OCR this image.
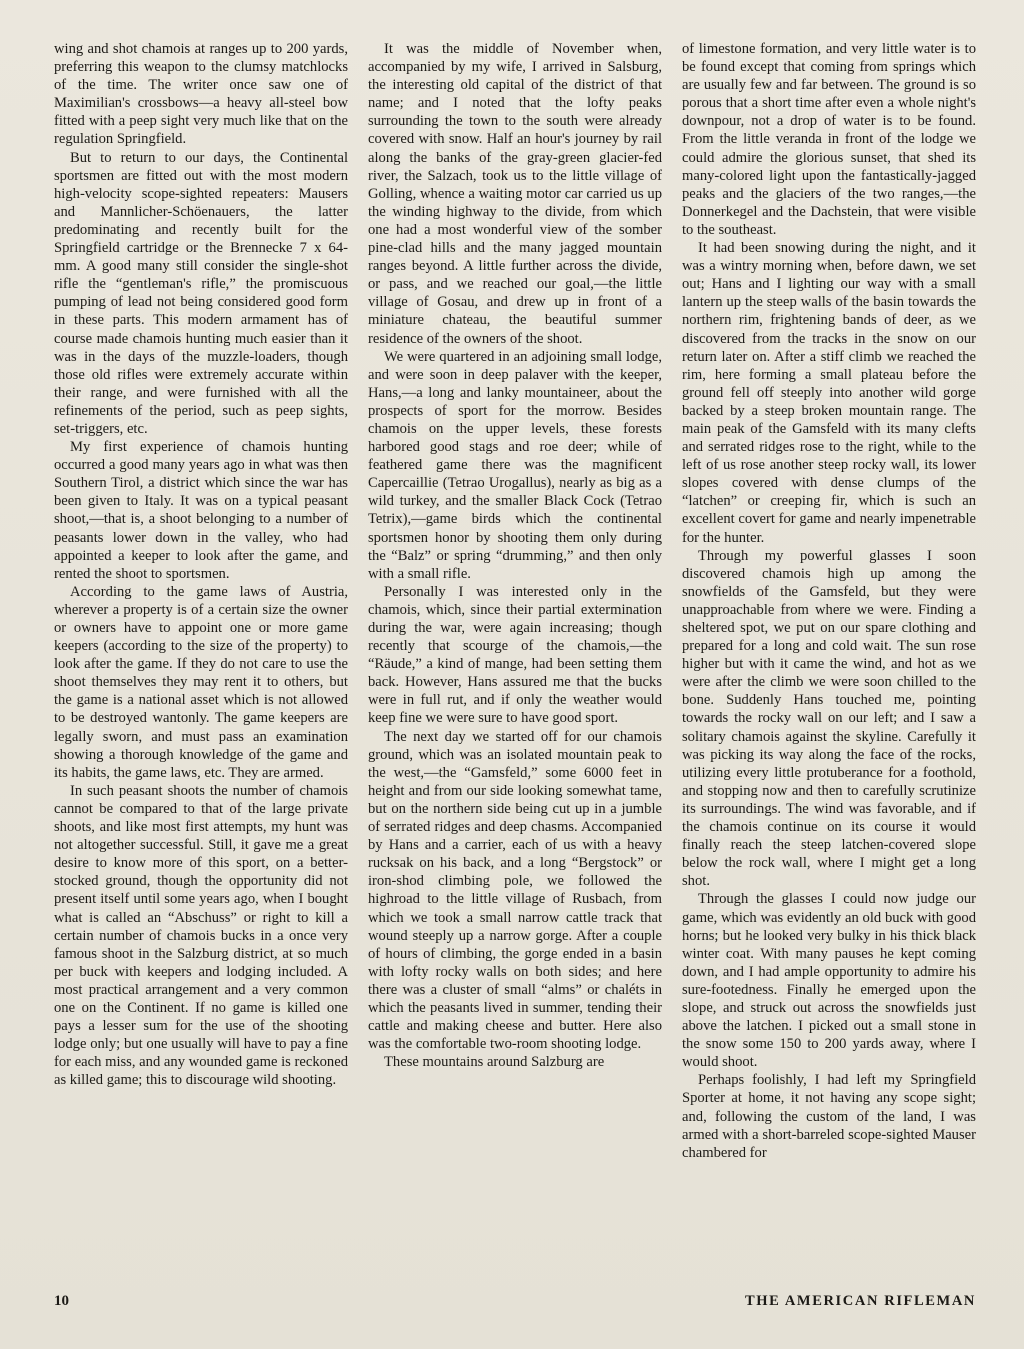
wing and shot chamois at ranges up to 200 yards, preferring this weapon to the clumsy matchlocks of the time. The writer once saw one of Maximilian's crossbows—a heavy all-steel bow fitted with a peep sight very much like that on the regulation Springfield.

But to return to our days, the Continental sportsmen are fitted out with the most modern high-velocity scope-sighted repeaters: Mausers and Mannlicher-Schöenauers, the latter predominating and recently built for the Springfield cartridge or the Brennecke 7 x 64-mm. A good many still consider the single-shot rifle the “gentleman's rifle,” the promiscuous pumping of lead not being considered good form in these parts. This modern armament has of course made chamois hunting much easier than it was in the days of the muzzle-loaders, though those old rifles were extremely accurate within their range, and were furnished with all the refinements of the period, such as peep sights, set-triggers, etc.

My first experience of chamois hunting occurred a good many years ago in what was then Southern Tirol, a district which since the war has been given to Italy. It was on a typical peasant shoot,—that is, a shoot belonging to a number of peasants lower down in the valley, who had appointed a keeper to look after the game, and rented the shoot to sportsmen.

According to the game laws of Austria, wherever a property is of a certain size the owner or owners have to appoint one or more game keepers (according to the size of the property) to look after the game. If they do not care to use the shoot themselves they may rent it to others, but the game is a national asset which is not allowed to be destroyed wantonly. The game keepers are legally sworn, and must pass an examination showing a thorough knowledge of the game and its habits, the game laws, etc. They are armed.

In such peasant shoots the number of chamois cannot be compared to that of the large private shoots, and like most first attempts, my hunt was not altogether successful. Still, it gave me a great desire to know more of this sport, on a better-stocked ground, though the opportunity did not present itself until some years ago, when I bought what is called an “Abschuss” or right to kill a certain number of chamois bucks in a once very famous shoot in the Salzburg district, at so much per buck with keepers and lodging included. A most practical arrangement and a very common one on the Continent. If no game is killed one pays a lesser sum for the use of the shooting lodge only; but one usually will have to pay a fine for each miss, and any wounded game is reckoned as killed game; this to discourage wild shooting.

It was the middle of November when, accompanied by my wife, I arrived in Salsburg, the interesting old capital of the district of that name; and I noted that the lofty peaks surrounding the town to the south were already covered with snow. Half an hour's journey by rail along the banks of the gray-green glacier-fed river, the Salzach, took us to the little village of Golling, whence a waiting motor car carried us up the winding highway to the divide, from which one had a most wonderful view of the somber pine-clad hills and the many jagged mountain ranges beyond. A little further across the divide, or pass, and we reached our goal,—the little village of Gosau, and drew up in front of a miniature chateau, the beautiful summer residence of the owners of the shoot.

We were quartered in an adjoining small lodge, and were soon in deep palaver with the keeper, Hans,—a long and lanky mountaineer, about the prospects of sport for the morrow. Besides chamois on the upper levels, these forests harbored good stags and roe deer; while of feathered game there was the magnificent Capercaillie (Tetrao Urogallus), nearly as big as a wild turkey, and the smaller Black Cock (Tetrao Tetrix),—game birds which the continental sportsmen honor by shooting them only during the “Balz” or spring “drumming,” and then only with a small rifle.

Personally I was interested only in the chamois, which, since their partial extermination during the war, were again increasing; though recently that scourge of the chamois,—the “Räude,” a kind of mange, had been setting them back. However, Hans assured me that the bucks were in full rut, and if only the weather would keep fine we were sure to have good sport.

The next day we started off for our chamois ground, which was an isolated mountain peak to the west,—the “Gamsfeld,” some 6000 feet in height and from our side looking somewhat tame, but on the northern side being cut up in a jumble of serrated ridges and deep chasms. Accompanied by Hans and a carrier, each of us with a heavy rucksak on his back, and a long “Bergstock” or iron-shod climbing pole, we followed the highroad to the little village of Rusbach, from which we took a small narrow cattle track that wound steeply up a narrow gorge. After a couple of hours of climbing, the gorge ended in a basin with lofty rocky walls on both sides; and here there was a cluster of small “alms” or chaléts in which the peasants lived in summer, tending their cattle and making cheese and butter. Here also was the comfortable two-room shooting lodge.

These mountains around Salzburg are

of limestone formation, and very little water is to be found except that coming from springs which are usually few and far between. The ground is so porous that a short time after even a whole night's downpour, not a drop of water is to be found. From the little veranda in front of the lodge we could admire the glorious sunset, that shed its many-colored light upon the fantastically-jagged peaks and the glaciers of the two ranges,—the Donnerkegel and the Dachstein, that were visible to the southeast.

It had been snowing during the night, and it was a wintry morning when, before dawn, we set out; Hans and I lighting our way with a small lantern up the steep walls of the basin towards the northern rim, frightening bands of deer, as we discovered from the tracks in the snow on our return later on. After a stiff climb we reached the rim, here forming a small plateau before the ground fell off steeply into another wild gorge backed by a steep broken mountain range. The main peak of the Gamsfeld with its many clefts and serrated ridges rose to the right, while to the left of us rose another steep rocky wall, its lower slopes covered with dense clumps of the “latchen” or creeping fir, which is such an excellent covert for game and nearly impenetrable for the hunter.

Through my powerful glasses I soon discovered chamois high up among the snowfields of the Gamsfeld, but they were unapproachable from where we were. Finding a sheltered spot, we put on our spare clothing and prepared for a long and cold wait. The sun rose higher but with it came the wind, and hot as we were after the climb we were soon chilled to the bone. Suddenly Hans touched me, pointing towards the rocky wall on our left; and I saw a solitary chamois against the skyline. Carefully it was picking its way along the face of the rocks, utilizing every little protuberance for a foothold, and stopping now and then to carefully scrutinize its surroundings. The wind was favorable, and if the chamois continue on its course it would finally reach the steep latchen-covered slope below the rock wall, where I might get a long shot.

Through the glasses I could now judge our game, which was evidently an old buck with good horns; but he looked very bulky in his thick black winter coat. With many pauses he kept coming down, and I had ample opportunity to admire his sure-footedness. Finally he emerged upon the slope, and struck out across the snowfields just above the latchen. I picked out a small stone in the snow some 150 to 200 yards away, where I would shoot.

Perhaps foolishly, I had left my Springfield Sporter at home, it not having any scope sight; and, following the custom of the land, I was armed with a short-barreled scope-sighted Mauser chambered for

10	THE AMERICAN RIFLEMAN
